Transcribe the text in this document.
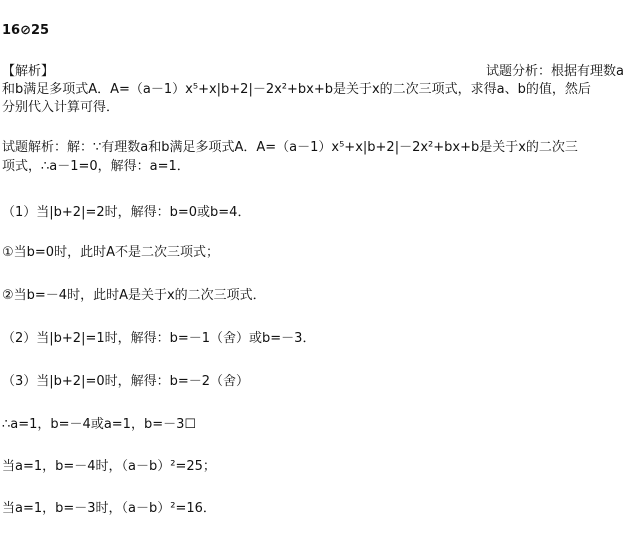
16⊘25
【解析】	试题分析：根据有理数a
和b满足多项式A．A=（a－1）x⁵+x|b+2|－2x²+bx+b是关于x的二次三项式，求得a、b的值，然后
分别代入计算可得．
试题解析：解：∵有理数a和b满足多项式A．A=（a－1）x⁵+x|b+2|－2x²+bx+b是关于x的二次三
项式，∴a－1=0，解得：a=1．
（1）当|b+2|=2时，解得：b=0或b=4．
①当b=0时，此时A不是二次三项式；
②当b=－4时，此时A是关于x的二次三项式．
（2）当|b+2|=1时，解得：b=－1（舍）或b=－3．
（3）当|b+2|=0时，解得：b=－2（舍）
∴a=1，b=－4或a=1，b=－3☐
当a=1，b=－4时，（a－b）²=25；
当a=1，b=－3时，（a－b）²=16．
